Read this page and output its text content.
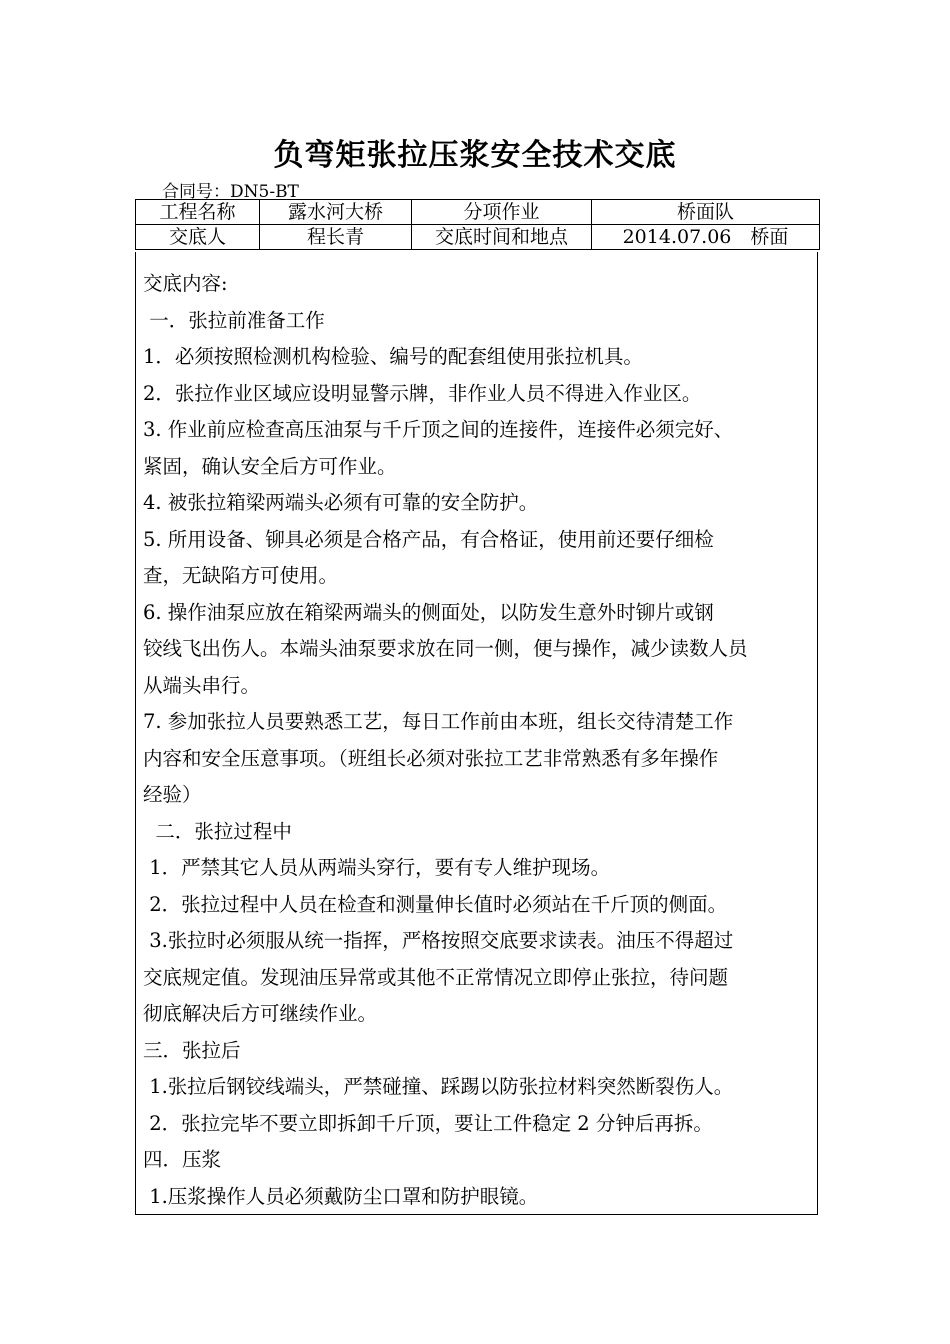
负弯矩张拉压浆安全技术交底
合同号：DN5-BT
工程名称	露水河大桥	分项作业	桥面队
交底人	程长青	交底时间和地点	2014.07.06　桥面

交底内容:

一．张拉前准备工作

1．必须按照检测机构检验、编号的配套组使用张拉机具。

2．张拉作业区域应设明显警示牌，非作业人员不得进入作业区。

3. 作业前应检查高压油泵与千斤顶之间的连接件，连接件必须完好、

紧固，确认安全后方可作业。

4. 被张拉箱梁两端头必须有可靠的安全防护。

5. 所用设备、铆具必须是合格产品，有合格证，使用前还要仔细检

查，无缺陷方可使用。

6. 操作油泵应放在箱梁两端头的侧面处，以防发生意外时铆片或钢

铰线飞出伤人。本端头油泵要求放在同一侧，便与操作，减少读数人员

从端头串行。

7. 参加张拉人员要熟悉工艺，每日工作前由本班，组长交待清楚工作

内容和安全压意事项。（班组长必须对张拉工艺非常熟悉有多年操作

经验）

二．张拉过程中

1．严禁其它人员从两端头穿行，要有专人维护现场。

2．张拉过程中人员在检查和测量伸长值时必须站在千斤顶的侧面。

3.张拉时必须服从统一指挥，严格按照交底要求读表。油压不得超过

交底规定值。发现油压异常或其他不正常情况立即停止张拉，待问题

彻底解决后方可继续作业。

三．张拉后

1.张拉后钢铰线端头，严禁碰撞、踩踢以防张拉材料突然断裂伤人。

2．张拉完毕不要立即拆卸千斤顶，要让工件稳定 2 分钟后再拆。

四．压浆

1.压浆操作人员必须戴防尘口罩和防护眼镜。
